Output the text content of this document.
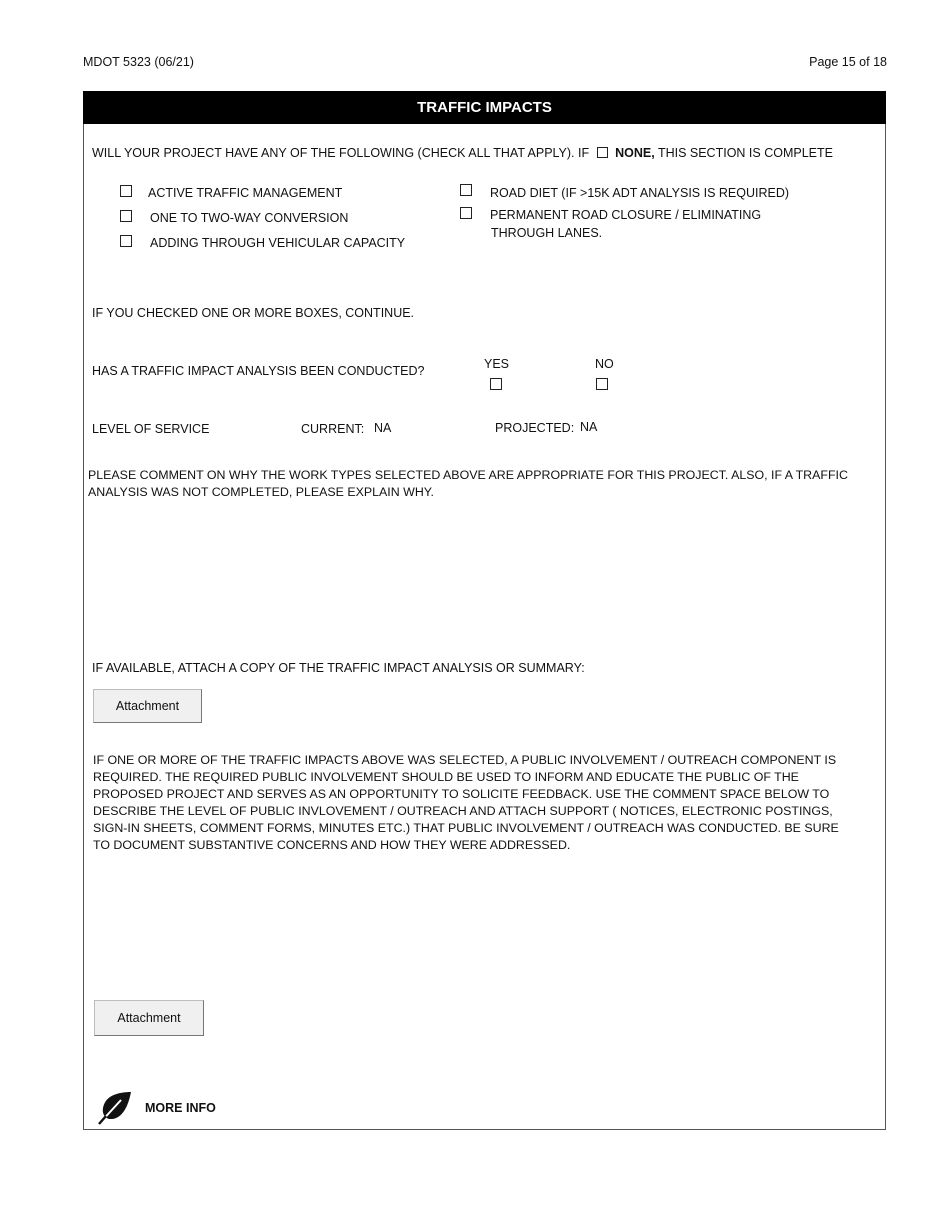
MDOT 5323 (06/21)	Page 15 of 18
TRAFFIC IMPACTS
WILL YOUR PROJECT HAVE ANY OF THE FOLLOWING (CHECK ALL THAT APPLY). IF NONE, THIS SECTION IS COMPLETE
ACTIVE TRAFFIC MANAGEMENT
ONE TO TWO-WAY CONVERSION
ADDING THROUGH VEHICULAR CAPACITY
ROAD DIET (IF >15K ADT ANALYSIS IS REQUIRED)
PERMANENT ROAD CLOSURE / ELIMINATING
THROUGH LANES.
IF YOU CHECKED ONE OR MORE BOXES, CONTINUE.
HAS A TRAFFIC IMPACT ANALYSIS BEEN CONDUCTED?	YES	NO
LEVEL OF SERVICE	CURRENT: NA	PROJECTED: NA
PLEASE COMMENT ON WHY THE WORK TYPES SELECTED ABOVE ARE APPROPRIATE FOR THIS PROJECT. ALSO, IF A TRAFFIC
ANALYSIS WAS NOT COMPLETED, PLEASE EXPLAIN WHY.
IF AVAILABLE, ATTACH A COPY OF THE TRAFFIC IMPACT ANALYSIS OR SUMMARY:
Attachment
IF ONE OR MORE OF THE TRAFFIC IMPACTS ABOVE WAS SELECTED, A PUBLIC INVOLVEMENT / OUTREACH COMPONENT IS
REQUIRED. THE REQUIRED PUBLIC INVOLVEMENT SHOULD BE USED TO INFORM AND EDUCATE THE PUBLIC OF THE
PROPOSED PROJECT AND SERVES AS AN OPPORTUNITY TO SOLICITE FEEDBACK. USE THE COMMENT SPACE BELOW TO
DESCRIBE THE LEVEL OF PUBLIC INVLOVEMENT / OUTREACH AND ATTACH SUPPORT ( NOTICES, ELECTRONIC POSTINGS,
SIGN-IN SHEETS, COMMENT FORMS, MINUTES ETC.) THAT PUBLIC INVOLVEMENT / OUTREACH WAS CONDUCTED. BE SURE
TO DOCUMENT SUBSTANTIVE CONCERNS AND HOW THEY WERE ADDRESSED.
Attachment
MORE INFO
